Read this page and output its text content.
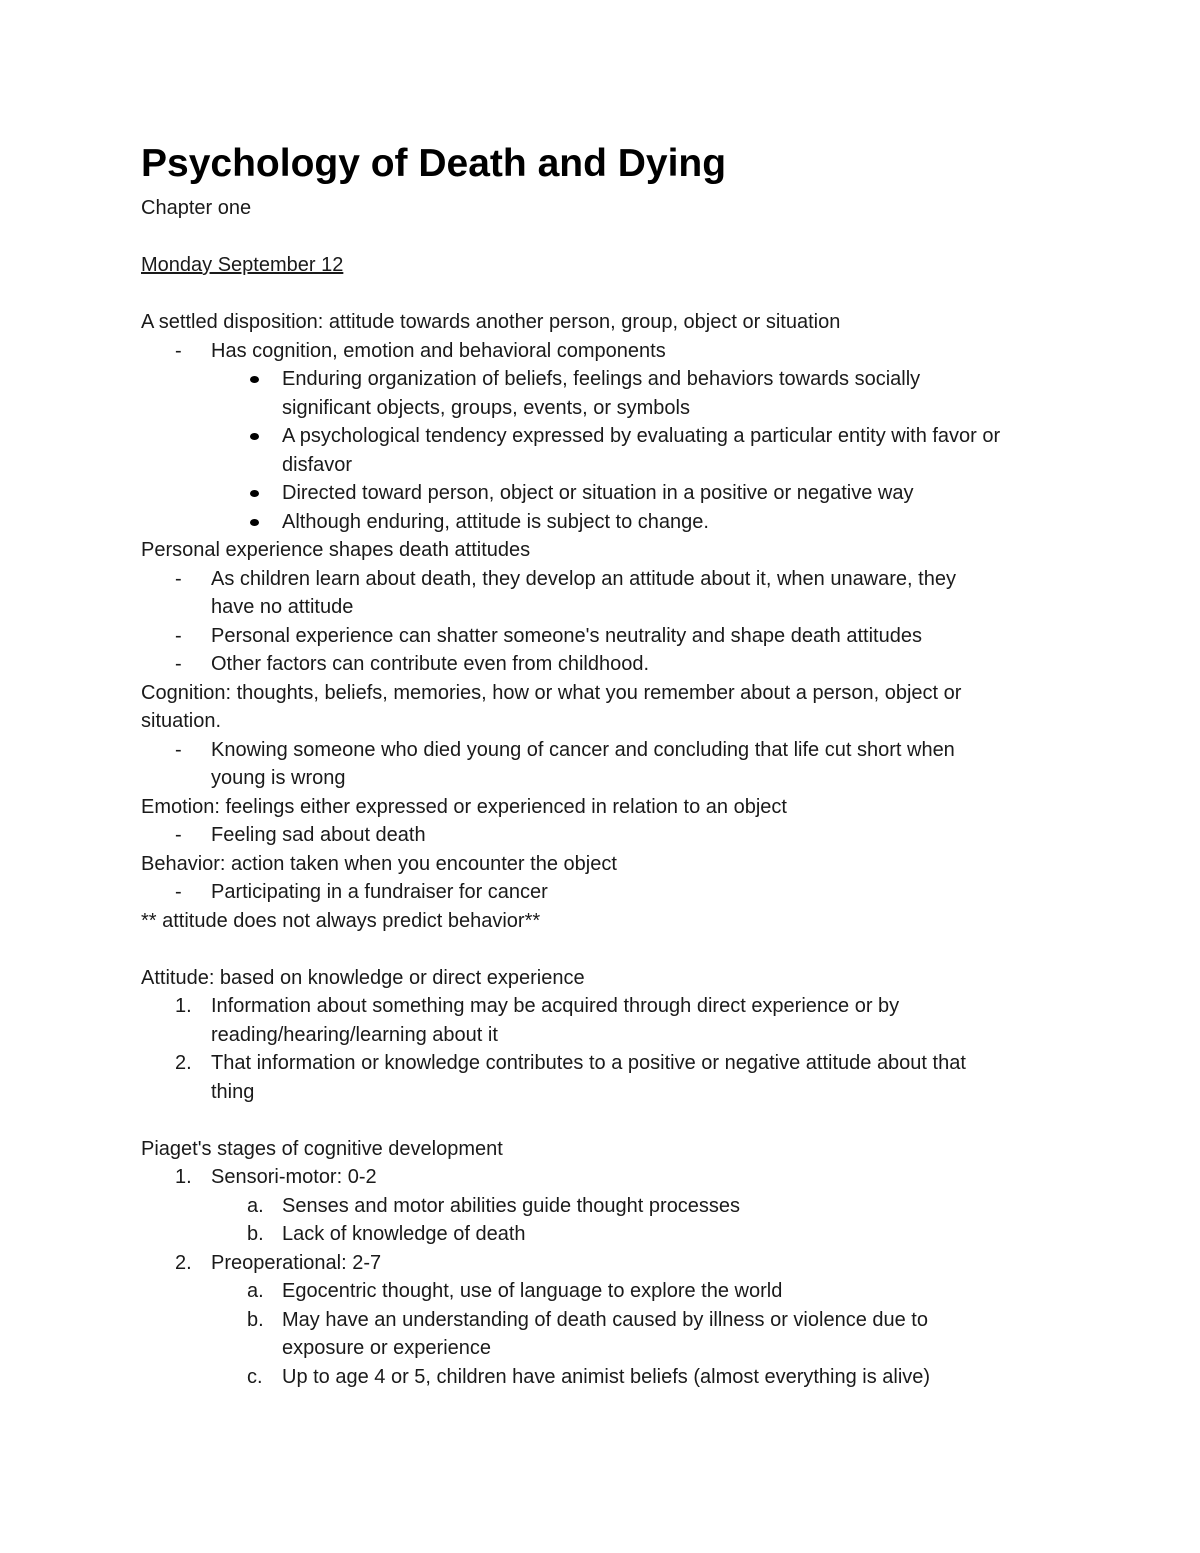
Psychology of Death and Dying

Chapter one

Monday September 12

A settled disposition: attitude towards another person, group, object or situation

- Has cognition, emotion and behavioral components
Enduring organization of beliefs, feelings and behaviors towards socially
significant objects, groups, events, or symbols
A psychological tendency expressed by evaluating a particular entity with favor or
disfavor
Directed toward person, object or situation in a positive or negative way
Although enduring, attitude is subject to change.

Personal experience shapes death attitudes

- As children learn about death, they develop an attitude about it, when unaware, they
have no attitude
- Personal experience can shatter someone's neutrality and shape death attitudes
- Other factors can contribute even from childhood.

Cognition: thoughts, beliefs, memories, how or what you remember about a person, object or

situation.

- Knowing someone who died young of cancer and concluding that life cut short when
young is wrong

Emotion: feelings either expressed or experienced in relation to an object

- Feeling sad about death

Behavior: action taken when you encounter the object

- Participating in a fundraiser for cancer

** attitude does not always predict behavior**

Attitude: based on knowledge or direct experience

1. Information about something may be acquired through direct experience or by
reading/hearing/learning about it
2. That information or knowledge contributes to a positive or negative attitude about that
thing

Piaget's stages of cognitive development

1. Sensori-motor: 0-2
a. Senses and motor abilities guide thought processes
b. Lack of knowledge of death
2. Preoperational: 2-7
a. Egocentric thought, use of language to explore the world
b. May have an understanding of death caused by illness or violence due to
exposure or experience
c. Up to age 4 or 5, children have animist beliefs (almost everything is alive)
